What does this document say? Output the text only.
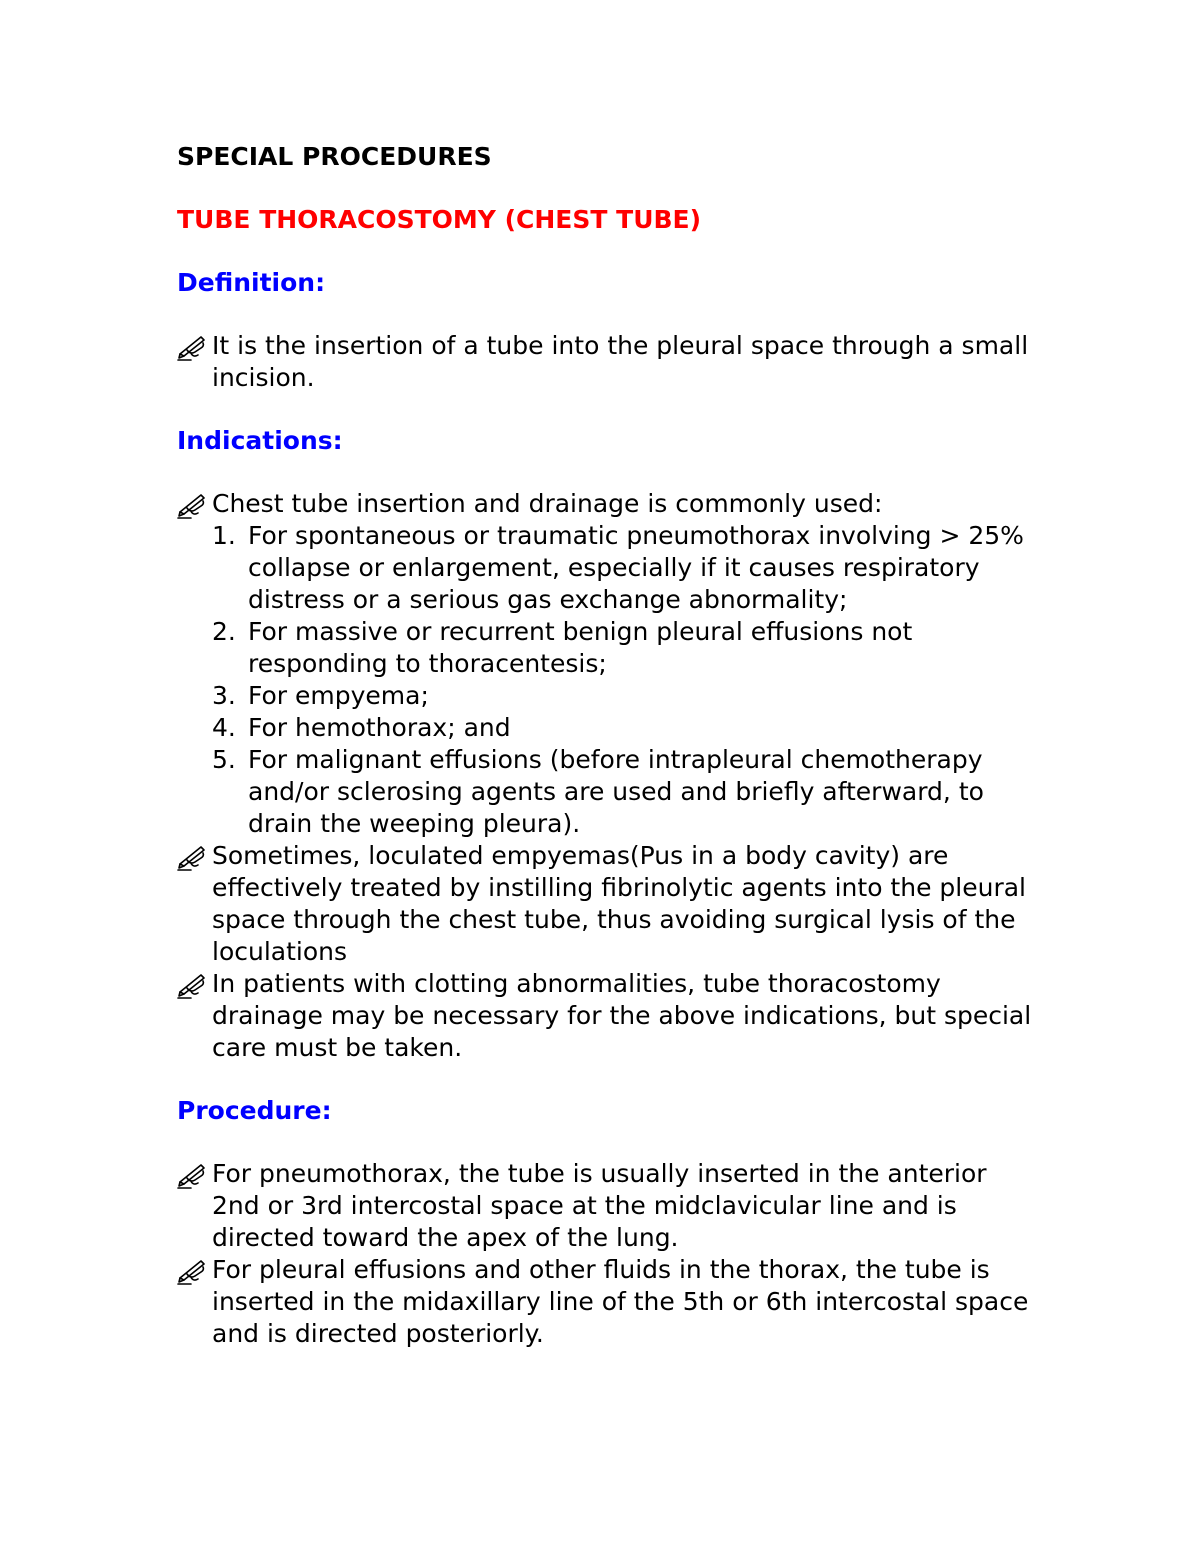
SPECIAL PROCEDURES

TUBE THORACOSTOMY (CHEST TUBE)

Definition:

It is the insertion of a tube into the pleural space through a small incision.

Indications:

Chest tube insertion and drainage is commonly used:
1. For spontaneous or traumatic pneumothorax involving > 25% collapse or enlargement, especially if it causes respiratory distress or a serious gas exchange abnormality;
2. For massive or recurrent benign pleural effusions not responding to thoracentesis;
3. For empyema;
4. For hemothorax; and
5. For malignant effusions (before intrapleural chemotherapy and/or sclerosing agents are used and briefly afterward, to drain the weeping pleura).
Sometimes, loculated empyemas(Pus in a body cavity) are effectively treated by instilling fibrinolytic agents into the pleural space through the chest tube, thus avoiding surgical lysis of the loculations
In patients with clotting abnormalities, tube thoracostomy drainage may be necessary for the above indications, but special care must be taken.

Procedure:

For pneumothorax, the tube is usually inserted in the anterior 2nd or 3rd intercostal space at the midclavicular line and is directed toward the apex of the lung.
For pleural effusions and other fluids in the thorax, the tube is inserted in the midaxillary line of the 5th or 6th intercostal space and is directed posteriorly.
